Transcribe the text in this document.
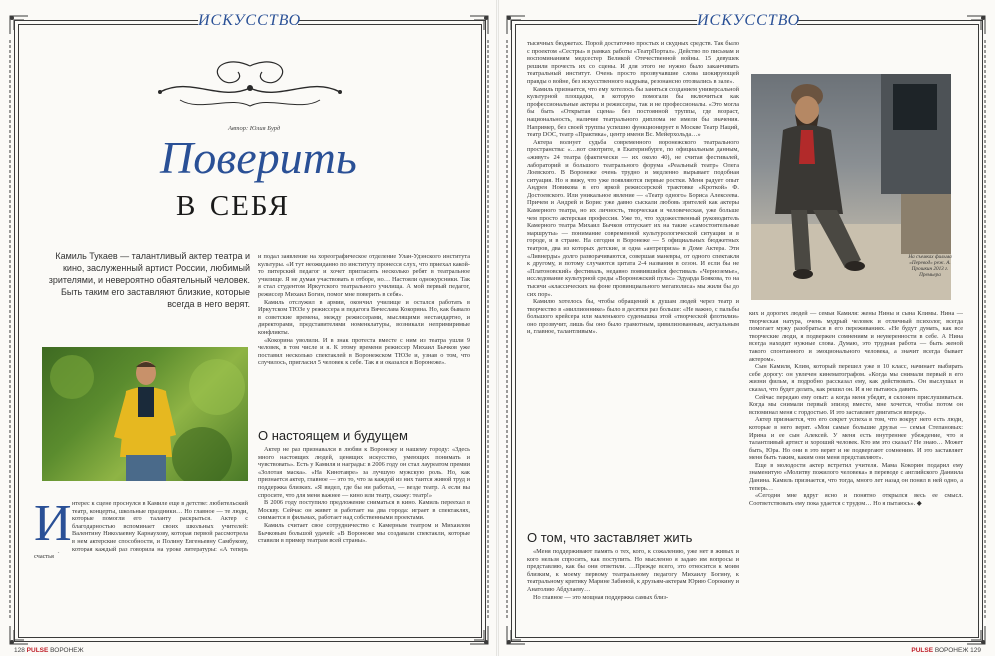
ИСКУССТВО
Автор: Юлия Бурд
Поверить
в себя
Камиль Тукаев — талантливый актер театра и кино, заслуженный артист России, любимый зрителями, и невероятно обаятельный человек. Быть таким его заставляют близкие, которые всегда в него верят.
И нтерес к сцене проснулся в Камиле еще в детстве: любительский театр, концерты, школьные праздники… Но главное — те люди, которые помогли его таланту раскрыться. Актер с благодарностью вспоминает своих школьных учителей: Валентину Николаевну Карнаухову, которая первой рассмотрела в нем актерские способности, и Полину Евгеньевну Самбукову, которая каждый раз говорила на уроке литературы: «А теперь

счастья

и подал заявление на хореографическое отделение Улан-Удэнского института культуры. «И тут неожиданно по институту пронесся слух, что приехал какой-то питерский педагог и хочет пригласить несколько ребят в театральное училище. Я не думая участвовать в отборе, но… Настояли однокурсники. Так я стал студентом Иркутского театрального училища. А мой первый педагог, режиссер Михаил Богин, помог мне поверить в себя».

Камиль отслужил в армии, окончил училище и остался работать в Иркутском ТЮЗе у режиссера и педагога Вячеслава Кокорина. Но, как бывало в советские времена, между режиссерами, мыслящими нестандартно, и директорами, представителями номенклатуры, возникали непримиримые конфликты.

«Кокорина уволили. И в знак протеста вместе с ним из театра ушли 9 человек, в том числе и я. К этому времени режиссер Михаил Бычков уже поставил несколько спектаклей в Воронежском ТЮЗе и, узнав о том, что случилось, пригласил 5 человек к себе. Так я и оказался в Воронеже».

О настоящем и будущем

Актер не раз признавался в любви к Воронежу и нашему городу: «Здесь много настоящих людей, ценящих искусство, умеющих понимать и чувствовать». Есть у Камиля и награды: в 2006 году он стал лауреатом премии «Золотая маска». «На Кинотавре» за лучшую мужскую роль. Но, как признается актер, главное — это то, что за каждой из них таится живой труд и поддержка близких. «Я видел, где бы ни работал, — везде театр. А если вы спросите, что для меня важнее — кино или театр, скажу: театр!»

В 2006 году поступило предложение сниматься в кино. Камиль переехал в Москву. Сейчас он живет и работает на два города: играет в спектаклях, снимается в фильмах, работает над собственными проектами.

Камиль считает свое сотрудничество с Камерным театром и Михаилом Бычковым большой удачей: «В Воронеже мы создавали спектакли, которые ставили в пример театрам всей страны».

128 PULSE ВОРОНЕЖ
ИСКУССТВО

тысячных бюджетах. Порой достаточно простых и скудных средств. Так было с проектом «Сестры» в рамках работы «ТеатрПортал». Действо по письмам и воспоминаниям медсестер Великой Отечественной войны. 15 девушек решили прочесть их со сцены. И для этого не нужно было заканчивать театральный институт. Очень просто прозвучавшие слова шокирующей правды о войне, без искусственного надрыва, резонансно отозвались в зале».

Камиль признается, что ему хотелось бы заняться созданием универсальной культурной площадки, в которую помогали бы включиться как профессиональные актеры и режиссеры, так и не профессионалы. «Это могла бы быть «Открытая сцена» без постоянной труппы, где возраст, национальность, наличие театрального диплома не имели бы значения. Например, без своей труппы успешно функционирует в Москве Театр Наций, театр DOC, театр «Практика», центр имени Вс. Мейерхольда…»

Актера волнует судьба современного воронежского театрального пространства: «…вот смотрите, в Екатеринбурге, по официальным данным, «живут» 24 театра (фактически — их около 40), не считая фестивалей, лабораторий и большого театрального форума «Реальный театр» Олега Лоевского. В Воронеже очень трудно и медленно вырывает подобная ситуация. Но я вижу, что уже появляются первые ростки. Меня радует опыт Андрея Новикова в его яркой режиссерской трактовке «Кроткой» Ф. Достоевского. Или уникальное явление — «Театр одного» Бориса Алексеева. Причем и Андрей и Борис уже давно сыскали любовь зрителей как актеры Камерного театра, но их личность, творческая и человеческая, уже больше чем просто актерская профессия. Уже то, что художественный руководитель Камерного театра Михаил Бычков отпускает их на такие «самостоятельные маршруты» — понимание современной культурологической ситуации и в городе, и в стране. На сегодня в Воронеже — 5 официальных бюджетных театров, два из которых детские, и одна «антреприза» в Доме Актера. Эти «Ливнерды» долго разворачиваются, совершая маневры, от одного спектакля к другому, и потому случаются цитата 2-4 названия в сезон. И если бы не «Платоновский» фестиваль, недавно появившийся фестиваль «Черноземье», исследование культурной среды «Воронежский пульс» Эдуарда Боякова, то на тысячи «классических на фоне провинциального мегаполиса» мы жили бы до сих пор».

Камилю хотелось бы, чтобы обращений к душам людей через театр и творчество в «миллионнике» было в десятки раз больше: «Не важно, с пальбы большого крейсера или маленького суденышка этой «творческой флотилии» оно прозвучит, лишь бы оно было грамотным, цивилизованным, актуальным и, главное, талантливым».

О том, что заставляет жить

«Меня поддерживают память о тех, кого, к сожалению, уже нет в живых и кого нельзя спросить, как поступить. Но мысленно я задаю им вопросы и представляю, как бы они ответили. …Прежде всего, это относится к моим близким, к моему первому театральному педагогу Михаилу Богину, к театральному критику Марине Забиной, к друзьям-актерам Юрию Сорокину и Анатолию Абдулаеву…

Но главное — это мощная поддержка самых близ-

На съемках фильма «Перевод» реж. А. Прошкин 2013 г. Премьера

ких и дорогих людей — семьи Камиля: жены Нины и сына Климы. Нина — творческая натура, очень мудрый человек и отличный психолог, всегда помогает мужу разобраться в его переживаниях. «Не будут думать, как все творческие люди, я подвержен сомнениям и неуверенности в себе. А Нина всегда находит нужные слова. Думаю, это трудная работа — быть женой такого спонтанного и эмоционального человека, а значит всегда бывает актером».

Сын Камиля, Клим, который перешел уже в 10 класс, начинает выбирать себе дорогу: он увлечен кинематографом. «Когда мы снимали первый в его жизни фильм, я подробно рассказал ему, как действовать. Он выслушал и сказал, что будет делать, как решил он. И я не пытаюсь давить.

Сейчас передаю ему опыт: а когда меня убедят, я склонен прислушиваться. Когда мы снимали первый эпизод вместе, мне хочется, чтобы потом он вспоминал меня с гордостью. И это заставляет двигаться вперед».

Актер признается, что его секрет успеха в том, что вокруг него есть люди, которые в него верят. «Мои самые большие друзья — семья Степановых: Ирина и ее сын Алексей. У меня есть внутреннее убеждение, что я талантливый артист и хороший человек. Кто им это сказал? Не знаю… Может быть, Юра. Но они в это верят и не подвергают сомнению. И это заставляет меня быть таким, каким они меня представляют».

Еще в молодости актер встретил учителя. Мама Кокорин подарил ему знаменитую «Молитву пожилого человека» в переводе с английского Даниила Данина. Камиль признается, что тогда, много лет назад он понял в ней одно, а теперь…

«Сегодня мне вдруг ясно и понятно открылся весь ее смысл. Соответствовать ему пока удается с трудом… Но я пытаюсь». ◆

PULSE ВОРОНЕЖ 129
